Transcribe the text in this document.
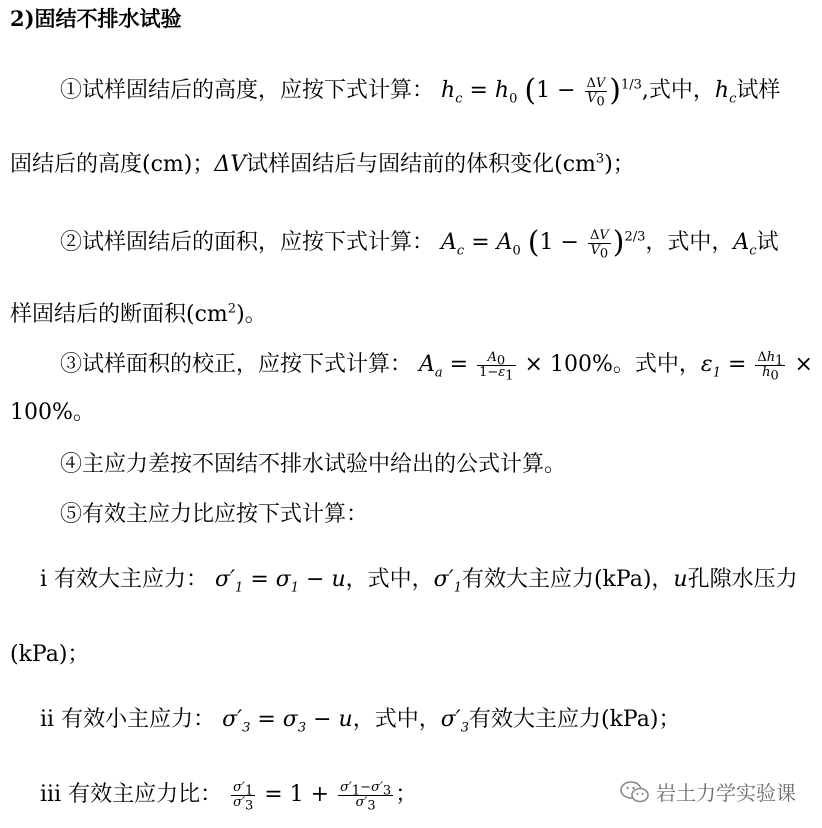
2)固结不排水试验
①试样固结后的高度，应按下式计算： $h_c = h_0$ $(1 - \frac{\Delta V}{V_0} )^{1/3}$,式中，$h_c$试样
固结后的高度(cm)；ΔV试样固结后与固结前的体积变化$(cm^3)$；
②试样固结后的面积，应按下式计算： $A_c = A_0$ $(1 - \frac{\Delta V}{V_0} )^{2/3}$，式中，$A_c$试
样固结后的断面积$(cm^2)$。
③试样面积的校正，应按下式计算： $A_a = \frac{A_0}{1-\varepsilon_1} \times 100\%$。式中，$\varepsilon_1 = \frac{\Delta h_1}{h_0}$ ×
100%。
④主应力差按不固结不排水试验中给出的公式计算。
⑤有效主应力比应按下式计算：
i 有效大主应力： $\sigma'_1 = \sigma_1 - u$，式中，$\sigma'_1$有效大主应力(kPa)，u孔隙水压力
(kPa)；
ii 有效小主应力： $\sigma'_3 = \sigma_3 - u$，式中，$\sigma'_3$有效大主应力(kPa)；
iii 有效主应力比： $\frac{\sigma'_1}{\sigma'_3} = 1 + \frac{\sigma'_1-\sigma'_3}{\sigma'_3}$ ；	岩土力学实验课
